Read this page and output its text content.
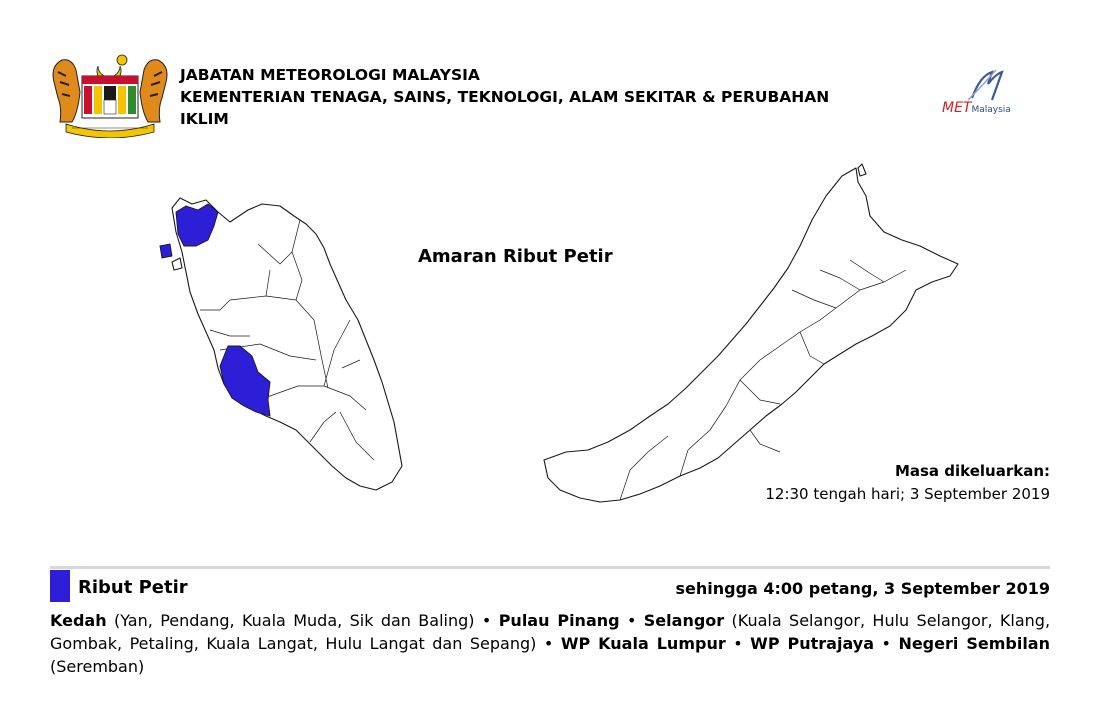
JABATAN METEOROLOGI MALAYSIA
KEMENTERIAN TENAGA, SAINS, TEKNOLOGI, ALAM SEKITAR & PERUBAHAN
IKLIM
METMalaysia
Amaran Ribut Petir
Masa dikeluarkan:
12:30 tengah hari; 3 September 2019
Ribut Petir	sehingga 4:00 petang, 3 September 2019
Kedah (Yan, Pendang, Kuala Muda, Sik dan Baling) • Pulau Pinang • Selangor (Kuala Selangor, Hulu Selangor, Klang, Gombak, Petaling, Kuala Langat, Hulu Langat dan Sepang) • WP Kuala Lumpur • WP Putrajaya • Negeri Sembilan (Seremban)
